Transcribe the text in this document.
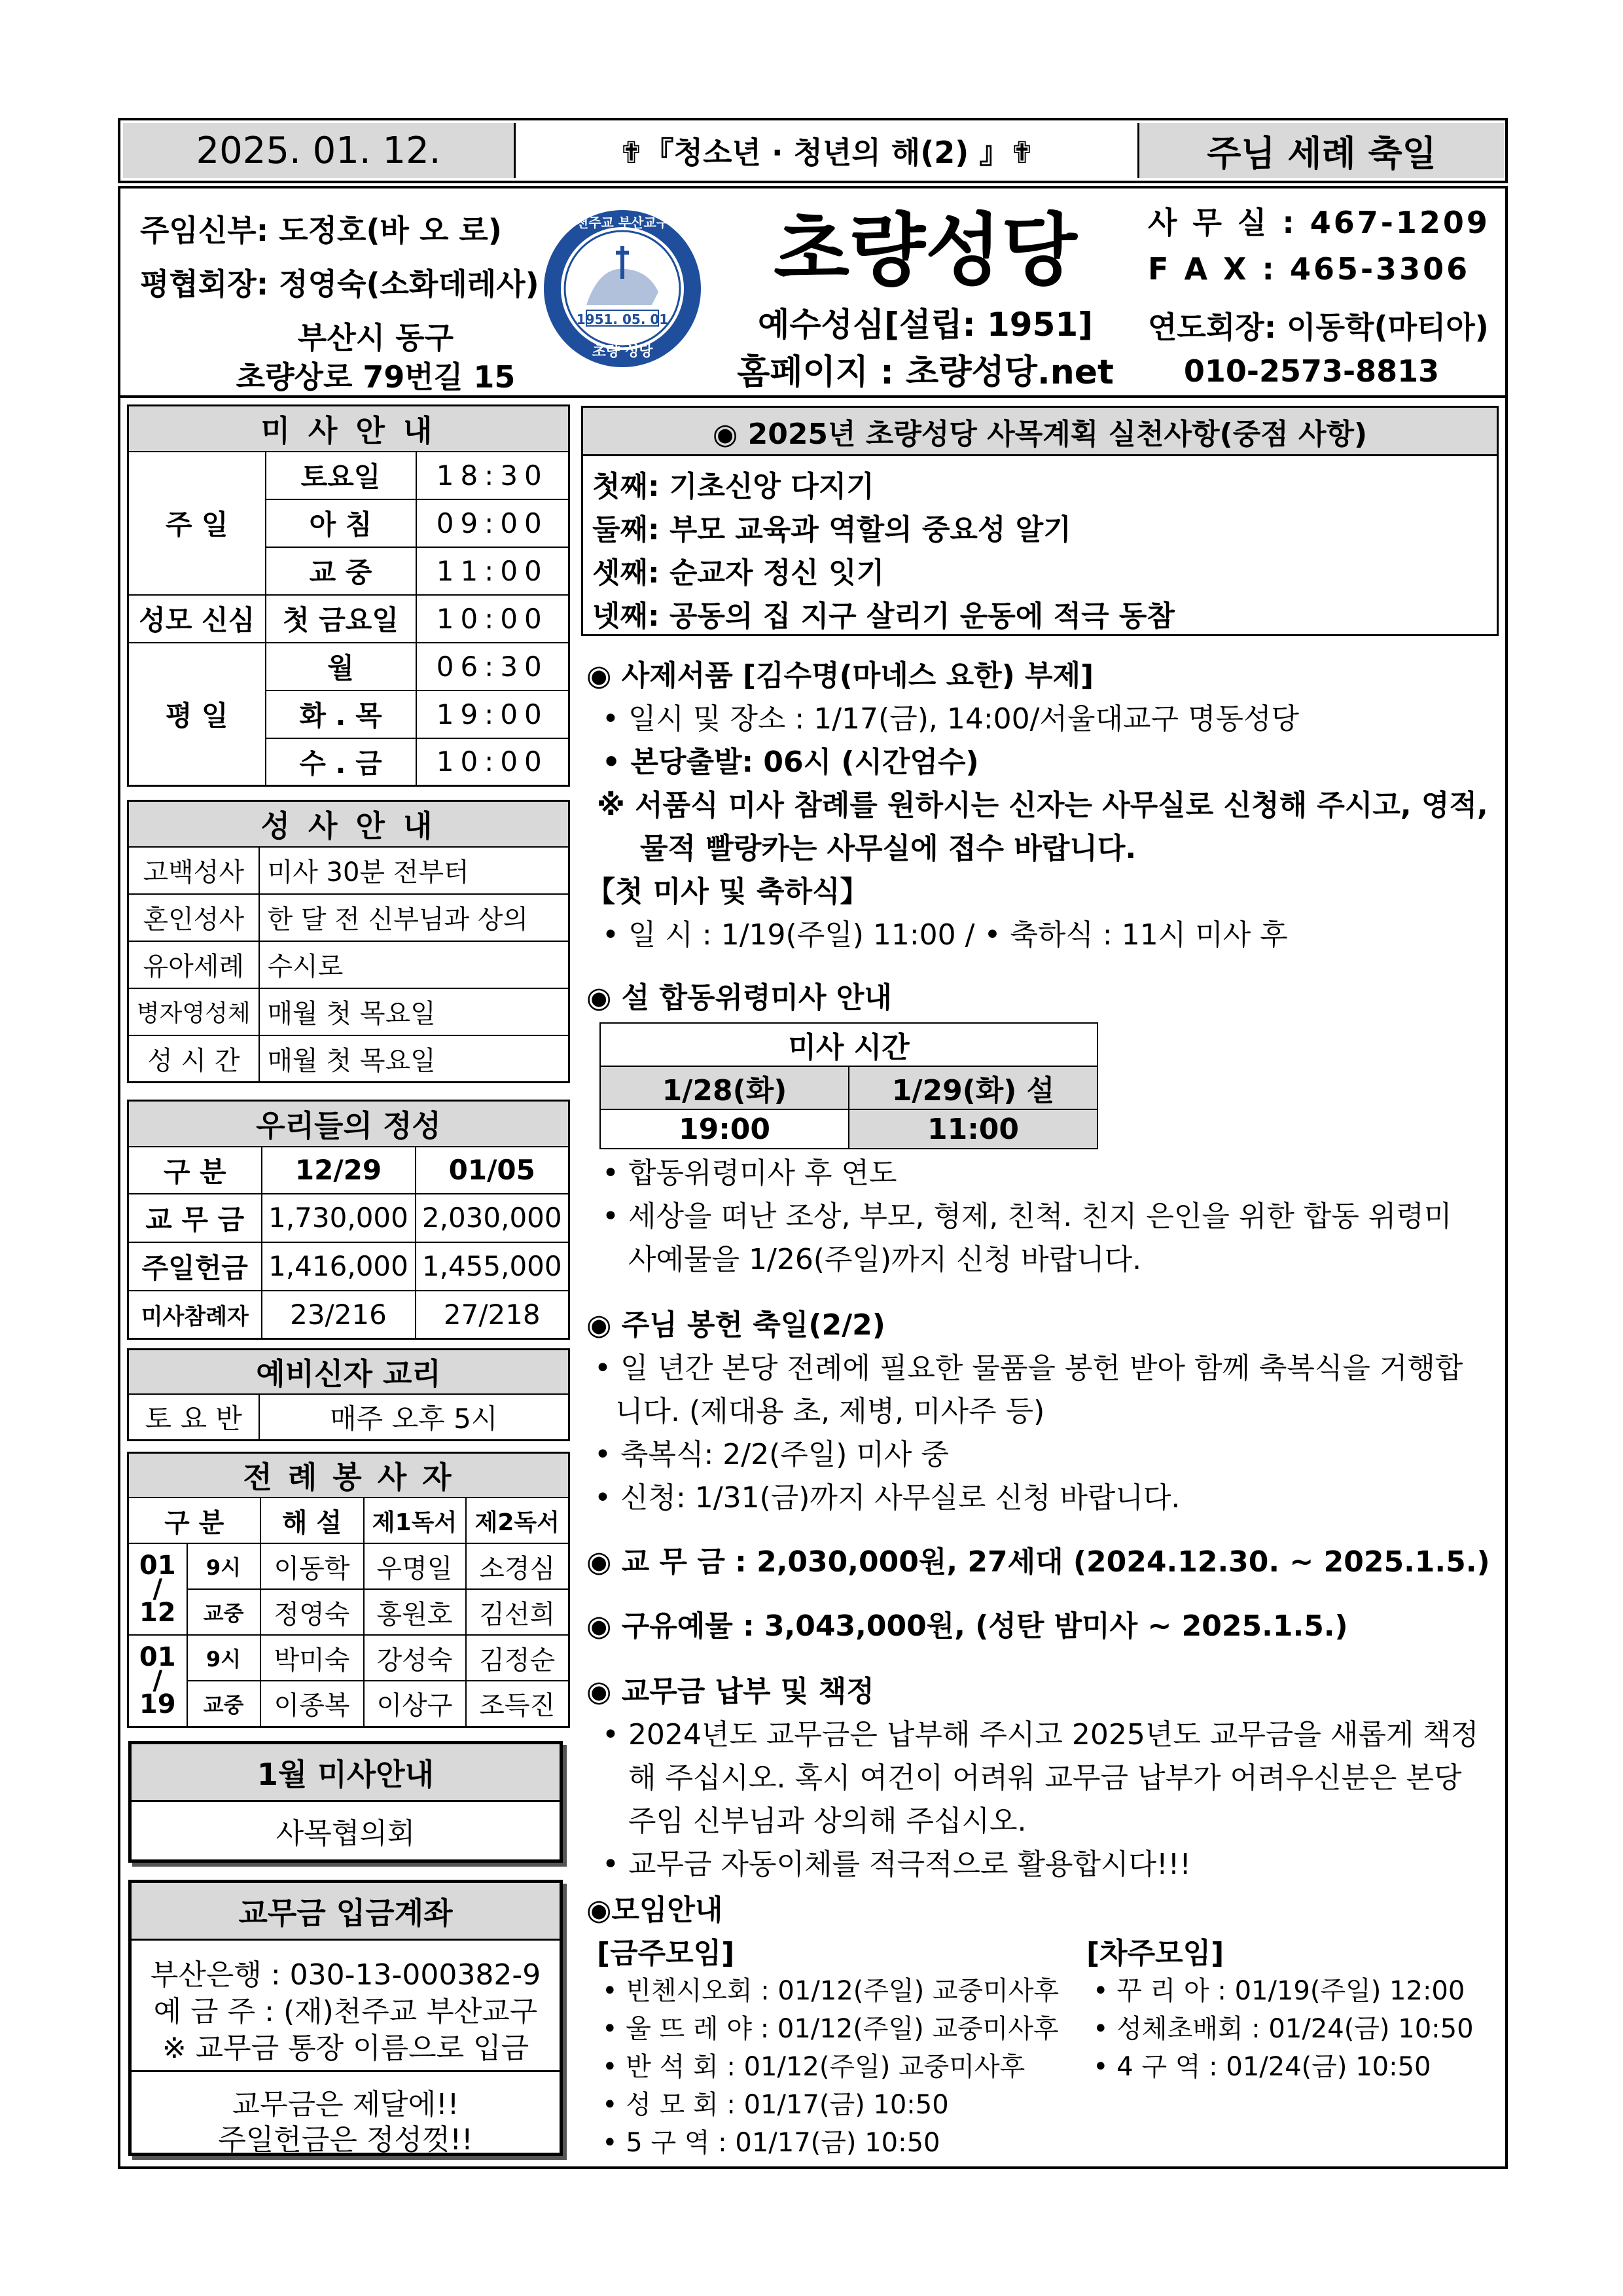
2025. 01. 12.	✟『청소년 · 청년의 해(2) 』✟	주님 세례 축일
주임신부: 도정호(바 오 로)
평협회장: 정영숙(소화데레사)
부산시 동구
초량상로 79번길 15
천주교 부산교구
1951. 05. 01
초량 성당
초량성당
예수성심[설립: 1951]
홈페이지 : 초량성당.net
사 무 실 : 467-1209
F A X : 465-3306
연도회장: 이동학(마티아)
010-2573-8813
미 사 안 내		
주 일	토요일	18:30
	아 침	09:00
	교 중	11:00
성모 신심	첫 금요일	10:00
평 일	월	06:30
	화 . 목	19:00
	수 . 금	10:00
성 사 안 내	
고백성사	미사 30분 전부터
혼인성사	한 달 전 신부님과 상의
유아세례	수시로
병자영성체	매월 첫 목요일
성 시 간	매월 첫 목요일
우리들의 정성		
구 분	12/29	01/05
교 무 금	1,730,000	2,030,000
주일헌금	1,416,000	1,455,000
미사참례자	23/216	27/218
예비신자 교리
토 요 반	매주 오후 5시
전 례 봉 사 자				
구 분		해 설	제1독서	제2독서
01
/
12	9시	이동학	우명일	소경심
	교중	정영숙	홍원호	김선희
01
/
19	9시	박미숙	강성숙	김정순
	교중	이종복	이상구	조득진
1월 미사안내
사목협의회
교무금 입금계좌
부산은행 : 030-13-000382-9
예 금 주 : (재)천주교 부산교구
※ 교무금 통장 이름으로 입금
교무금은 제달에!!
주일헌금은 정성껏!!
◉ 2025년 초량성당 사목계획 실천사항(중점 사항)
첫째: 기초신앙 다지기
둘째: 부모 교육과 역할의 중요성 알기
셋째: 순교자 정신 잇기
넷째: 공동의 집 지구 살리기 운동에 적극 동참
◉ 사제서품 [김수명(마네스 요한) 부제]
• 일시 및 장소 : 1/17(금), 14:00/서울대교구 명동성당
• 본당출발: 06시 (시간엄수)
※ 서품식 미사 참례를 원하시는 신자는 사무실로 신청해 주시고, 영적,
물적 빨랑카는 사무실에 접수 바랍니다.
【첫 미사 및 축하식】
• 일 시 : 1/19(주일) 11:00 / • 축하식 : 11시 미사 후
◉ 설 합동위령미사 안내
미사 시간	
1/28(화)	1/29(화) 설
19:00	11:00
• 합동위령미사 후 연도
• 세상을 떠난 조상, 부모, 형제, 친척. 친지 은인을 위한 합동 위령미
사예물을 1/26(주일)까지 신청 바랍니다.
◉ 주님 봉헌 축일(2/2)
• 일 년간 본당 전례에 필요한 물품을 봉헌 받아 함께 축복식을 거행합
니다. (제대용 초, 제병, 미사주 등)
• 축복식: 2/2(주일) 미사 중
• 신청: 1/31(금)까지 사무실로 신청 바랍니다.
◉ 교 무 금 : 2,030,000원, 27세대 (2024.12.30. ~ 2025.1.5.)
◉ 구유예물 : 3,043,000원, (성탄 밤미사 ~ 2025.1.5.)
◉ 교무금 납부 및 책정
• 2024년도 교무금은 납부해 주시고 2025년도 교무금을 새롭게 책정
해 주십시오. 혹시 여건이 어려워 교무금 납부가 어려우신분은 본당
주임 신부님과 상의해 주십시오.
• 교무금 자동이체를 적극적으로 활용합시다!!!
◉모임안내
[금주모임]	[차주모임]
• 빈첸시오회 : 01/12(주일) 교중미사후
• 울 뜨 레 야 : 01/12(주일) 교중미사후
• 반 석 회 : 01/12(주일) 교중미사후
• 성 모 회 : 01/17(금) 10:50
• 5 구 역 : 01/17(금) 10:50
• 꾸 리 아 : 01/19(주일) 12:00
• 성체초배회 : 01/24(금) 10:50
• 4 구 역 : 01/24(금) 10:50
